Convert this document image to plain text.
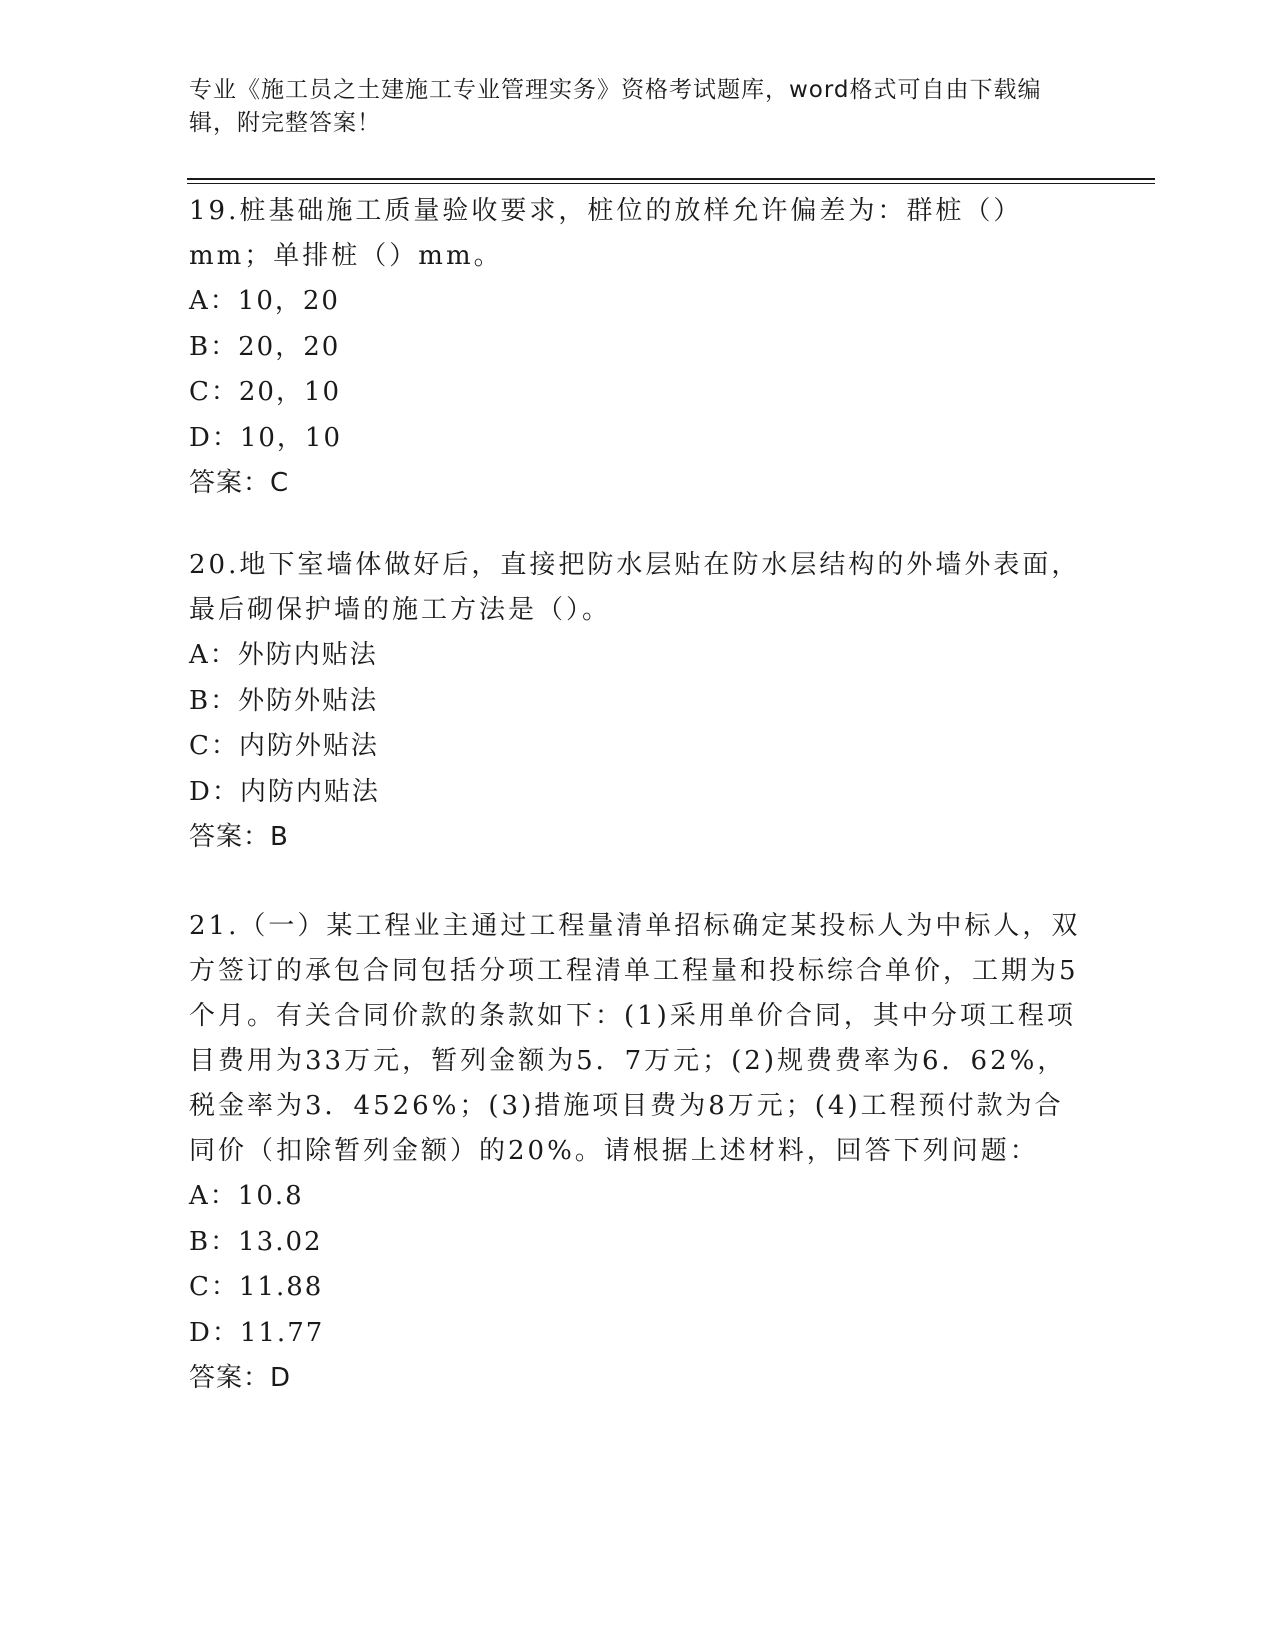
专业《施工员之土建施工专业管理实务》资格考试题库，word格式可自由下载编辑，附完整答案！

19.桩基础施工质量验收要求，桩位的放样允许偏差为：群桩（）mm；单排桩（）mm。

A：10，20

B：20，20

C：20，10

D：10，10

答案：C

20.地下室墙体做好后，直接把防水层贴在防水层结构的外墙外表面，最后砌保护墙的施工方法是（）。

A：外防内贴法

B：外防外贴法

C：内防外贴法

D：内防内贴法

答案：B

21.（一）某工程业主通过工程量清单招标确定某投标人为中标人，双方签订的承包合同包括分项工程清单工程量和投标综合单价，工期为5个月。有关合同价款的条款如下：(1)采用单价合同，其中分项工程项目费用为33万元，暂列金额为5．7万元；(2)规费费率为6．62%，税金率为3．4526%；(3)措施项目费为8万元；(4)工程预付款为合同价（扣除暂列金额）的20%。请根据上述材料，回答下列问题：

A：10.8

B：13.02

C：11.88

D：11.77

答案：D
